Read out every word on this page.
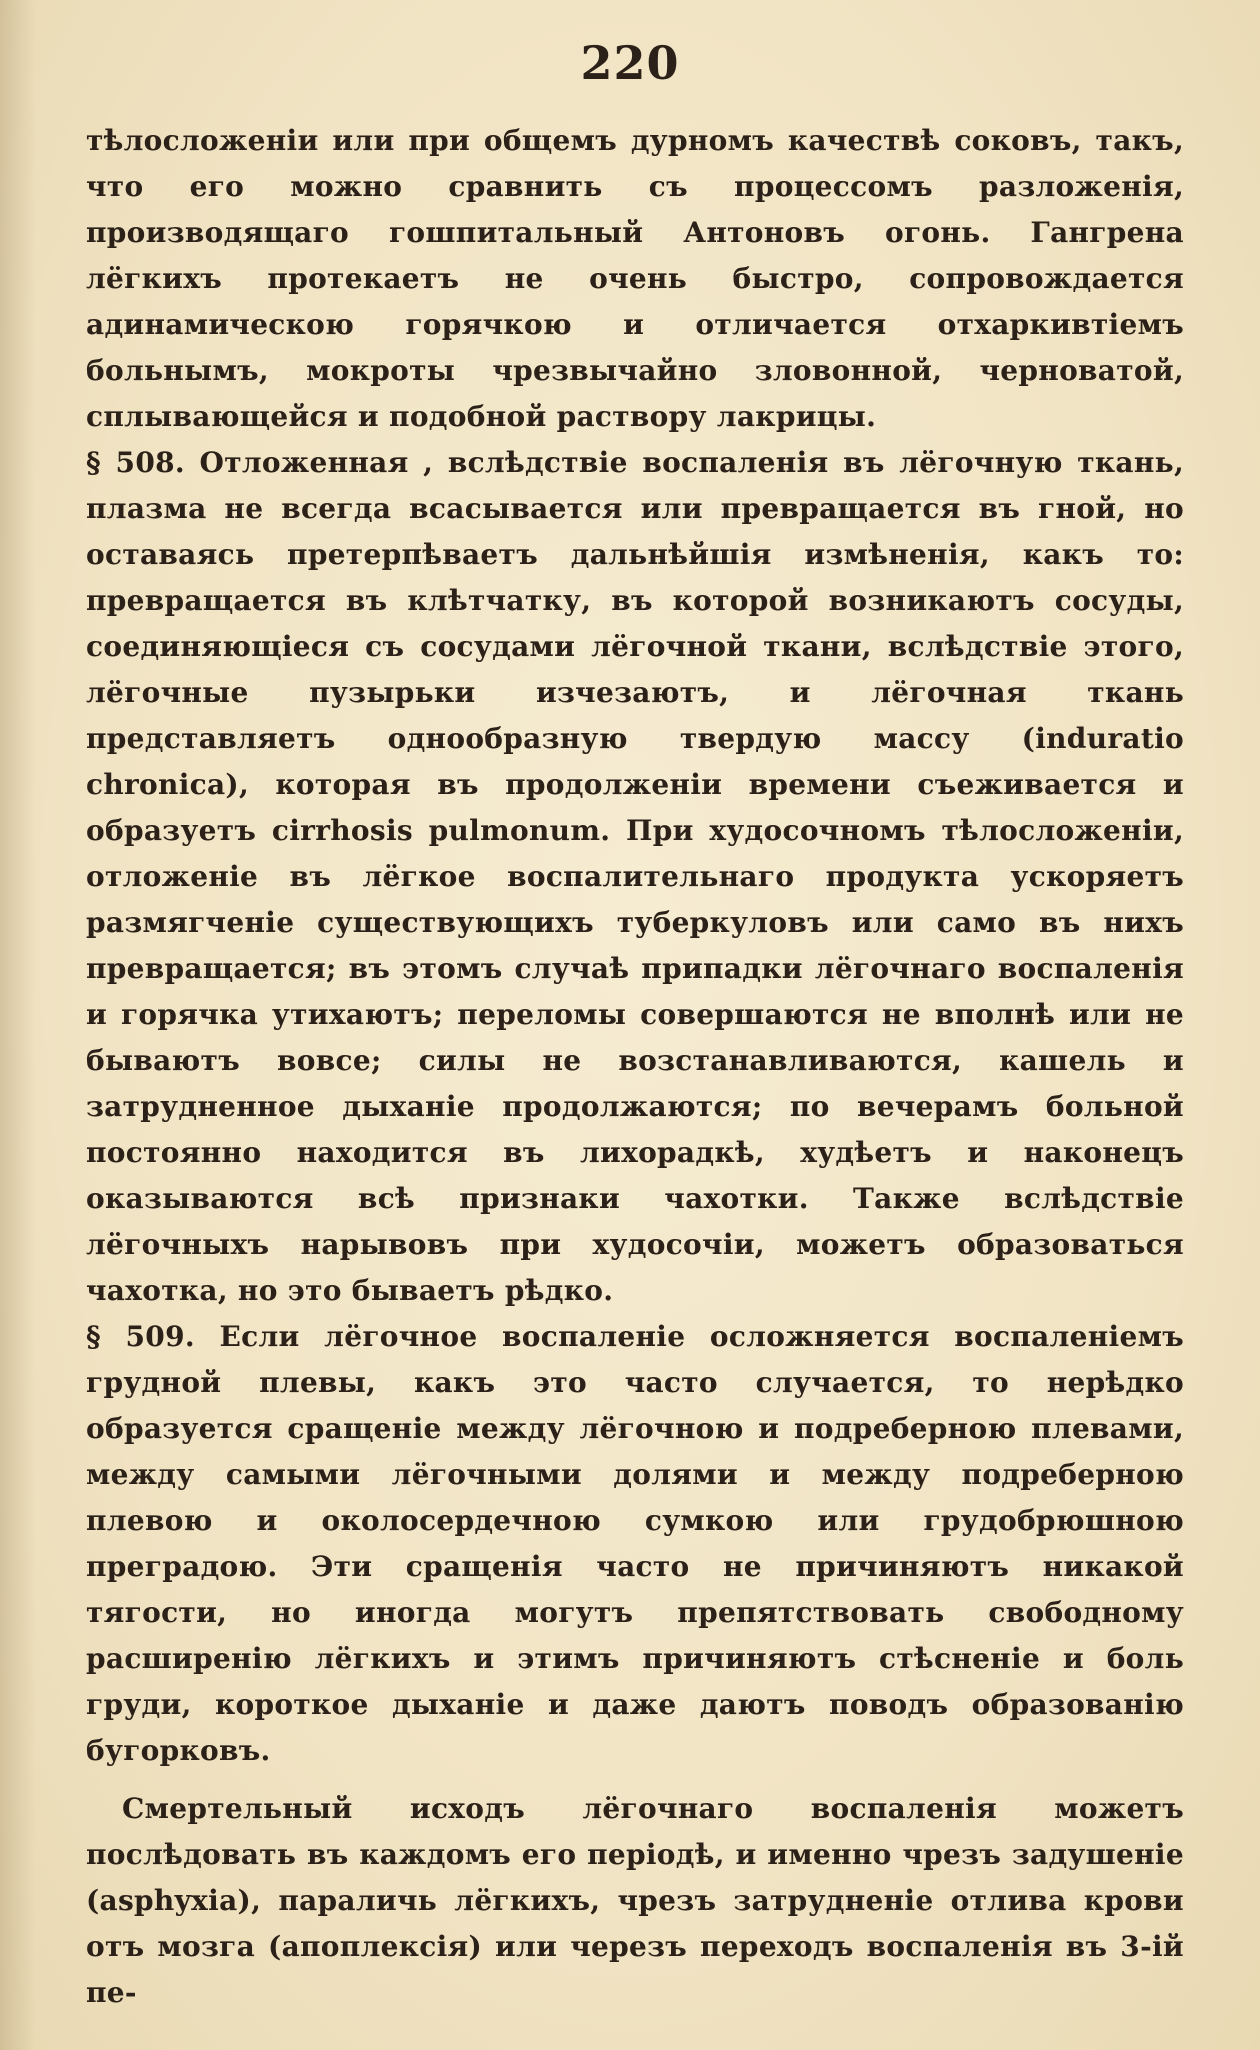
220

тѣлосложеніи или при общемъ дурномъ качествѣ соковъ, такъ, что его можно сравнить съ процессомъ разложенія, производящаго гошпитальный Антоновъ огонь. Гангрена лёгкихъ протекаетъ не очень быстро, сопровождается адинамическою горячкою и отличается отхаркивтіемъ больнымъ, мокроты чрезвычайно зловонной, черноватой, сплывающейся и подобной раствору лакрицы.

§ 508. Отложенная , вслѣдствіе воспаленія въ лёгочную ткань, плазма не всегда всасывается или превращается въ гной, но оставаясь претерпѣваетъ дальнѣйшія измѣненія, какъ то: превращается въ клѣтчатку, въ которой возникаютъ сосуды, соединяющіеся съ сосудами лёгочной ткани, вслѣдствіе этого, лёгочные пузырьки изчезаютъ, и лёгочная ткань представляетъ однообразную твердую массу (induratio chronica), которая въ продолженіи времени съеживается и образуетъ cirrhosis pulmonum. При худосочномъ тѣлосложеніи, отложеніе въ лёгкое воспалительнаго продукта ускоряетъ размягченіе существующихъ туберкуловъ или само въ нихъ превращается; въ этомъ случаѣ припадки лёгочнаго воспаленія и горячка утихаютъ; переломы совершаются не вполнѣ или не бываютъ вовсе; силы не возстанавливаются, кашель и затрудненное дыханіе продолжаются; по вечерамъ больной постоянно находится въ лихорадкѣ, худѣетъ и наконецъ оказываются всѣ признаки чахотки. Также вслѣдствіе лёгочныхъ нарывовъ при худосочіи, можетъ образоваться чахотка, но это бываетъ рѣдко.

§ 509. Если лёгочное воспаленіе осложняется воспаленіемъ грудной плевы, какъ это часто случается, то нерѣдко образуется сращеніе между лёгочною и подреберною плевами, между самыми лёгочными долями и между подреберною плевою и околосердечною сумкою или грудобрюшною преградою. Эти сращенія часто не причиняютъ никакой тягости, но иногда могутъ препятствовать свободному расширенію лёгкихъ и этимъ причиняютъ стѣсненіе и боль груди, короткое дыханіе и даже даютъ поводъ образованію бугорковъ.

Смертельный исходъ лёгочнаго воспаленія можетъ послѣдовать въ каждомъ его періодѣ, и именно чрезъ задушеніе (asphyxia), параличь лёгкихъ, чрезъ затрудненіе отлива крови отъ мозга (апоплексія) или черезъ переходъ воспаленія въ 3-ій пе-
